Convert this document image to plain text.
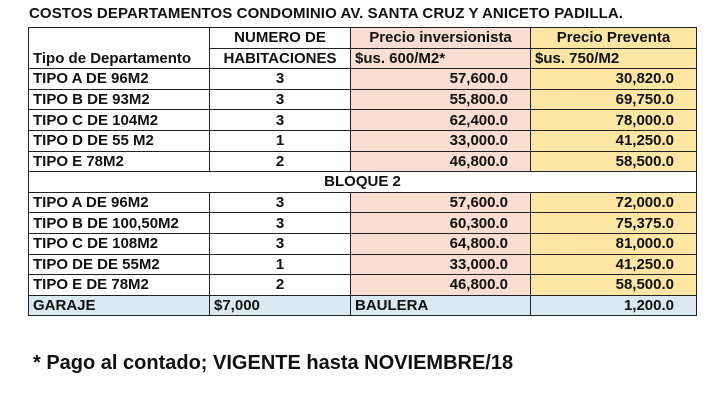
COSTOS DEPARTAMENTOS CONDOMINIO AV. SANTA CRUZ Y ANICETO PADILLA.
Tipo de Departamento	NUMERO DE	Precio inversionista	Precio Preventa
	HABITACIONES	$us. 600/M2*	$us. 750/M2
TIPO A DE 96M2	3	57,600.0	30,820.0
TIPO B DE 93M2	3	55,800.0	69,750.0
TIPO C DE 104M2	3	62,400.0	78,000.0
TIPO D DE 55 M2	1	33,000.0	41,250.0
TIPO E 78M2	2	46,800.0	58,500.0
BLOQUE 2			
TIPO A DE 96M2	3	57,600.0	72,000.0
TIPO B DE 100,50M2	3	60,300.0	75,375.0
TIPO C DE 108M2	3	64,800.0	81,000.0
TIPO DE DE 55M2	1	33,000.0	41,250.0
TIPO E DE 78M2	2	46,800.0	58,500.0
GARAJE	$7,000	BAULERA	1,200.0
* Pago al contado; VIGENTE hasta NOVIEMBRE/18
